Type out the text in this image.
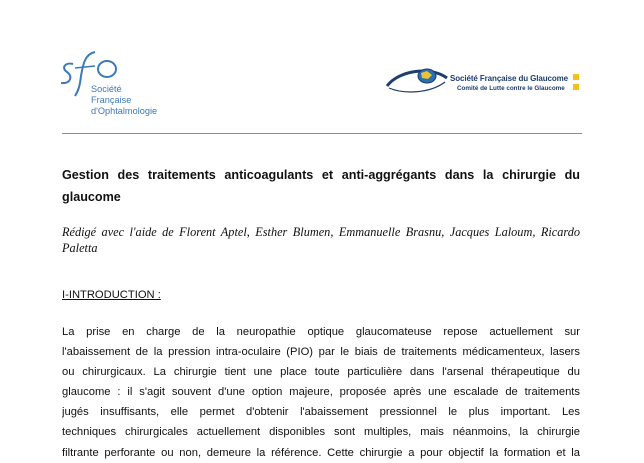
Société
Française
d'Ophtalmologie
Société Française du Glaucome
Comité de Lutte contre le Glaucome
Gestion des traitements anticoagulants et anti-aggrégants dans la chirurgie du glaucome
Rédigé avec l'aide de Florent Aptel, Esther Blumen, Emmanuelle Brasnu, Jacques Laloum, Ricardo Paletta
I-INTRODUCTION :
La prise en charge de la neuropathie optique glaucomateuse repose actuellement sur
l'abaissement de la pression intra-oculaire (PIO) par le biais de traitements médicamenteux, lasers
ou chirurgicaux. La chirurgie tient une place toute particulière dans l'arsenal thérapeutique du
glaucome : il s'agit souvent d'une option majeure, proposée après une escalade de traitements
jugés insuffisants, elle permet d'obtenir l'abaissement pressionnel le plus important. Les
techniques chirurgicales actuellement disponibles sont multiples, mais néanmoins, la chirurgie
filtrante perforante ou non, demeure la référence. Cette chirurgie a pour objectif la formation et la
